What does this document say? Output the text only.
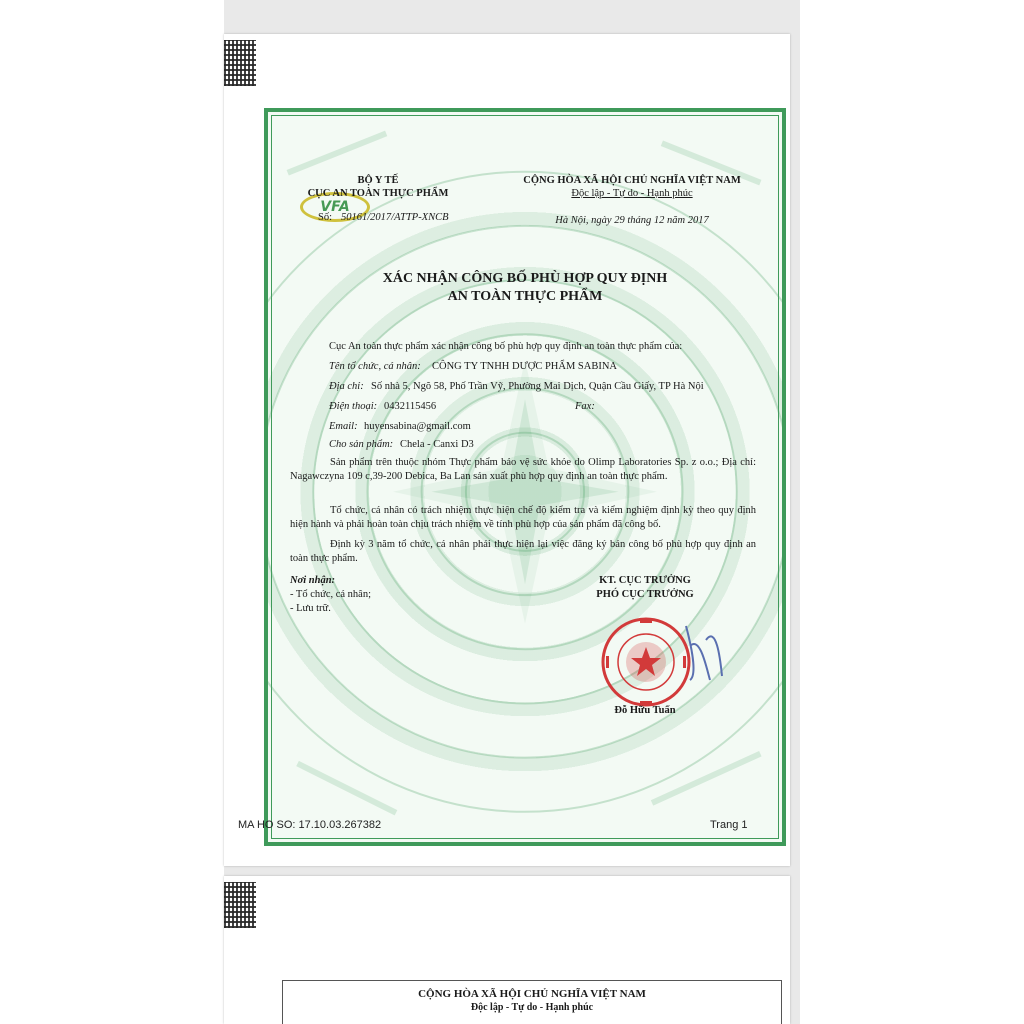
VFA
BỘ Y TẾ
CỤC AN TOÀN THỰC PHẨM
Số: 50161/2017/ATTP-XNCB
CỘNG HÒA XÃ HỘI CHỦ NGHĨA VIỆT NAM
Độc lập - Tự do - Hạnh phúc
Hà Nội, ngày 29 tháng 12 năm 2017
XÁC NHẬN CÔNG BỐ PHÙ HỢP QUY ĐỊNH
AN TOÀN THỰC PHẨM
Cục An toàn thực phẩm xác nhận công bố phù hợp quy định an toàn thực phẩm của:
Tên tổ chức, cá nhân: CÔNG TY TNHH DƯỢC PHẨM SABINA
Địa chỉ: Số nhà 5, Ngõ 58, Phố Trần Vỹ, Phường Mai Dịch, Quận Cầu Giấy, TP Hà Nội
Điện thoại: 0432115456	Fax:
Email: huyensabina@gmail.com
Cho sản phẩm: Chela - Canxi D3
Sản phẩm trên thuộc nhóm Thực phẩm bảo vệ sức khỏe do Olimp Laboratories Sp. z o.o.; Địa chỉ: Nagawczyna 109 c,39-200 Debica, Ba Lan sản xuất phù hợp quy định an toàn thực phẩm.
Tổ chức, cá nhân có trách nhiệm thực hiện chế độ kiểm tra và kiểm nghiệm định kỳ theo quy định hiện hành và phải hoàn toàn chịu trách nhiệm về tính phù hợp của sản phẩm đã công bố.
Định kỳ 3 năm tổ chức, cá nhân phải thực hiện lại việc đăng ký bản công bố phù hợp quy định an toàn thực phẩm.
Nơi nhận:
- Tổ chức, cá nhân;
- Lưu trữ.
KT. CỤC TRƯỞNG
PHÓ CỤC TRƯỞNG
Đỗ Hữu Tuấn
MA HO SO: 17.10.03.267382	Trang 1
CỘNG HÒA XÃ HỘI CHỦ NGHĨA VIỆT NAM
Độc lập - Tự do - Hạnh phúc
